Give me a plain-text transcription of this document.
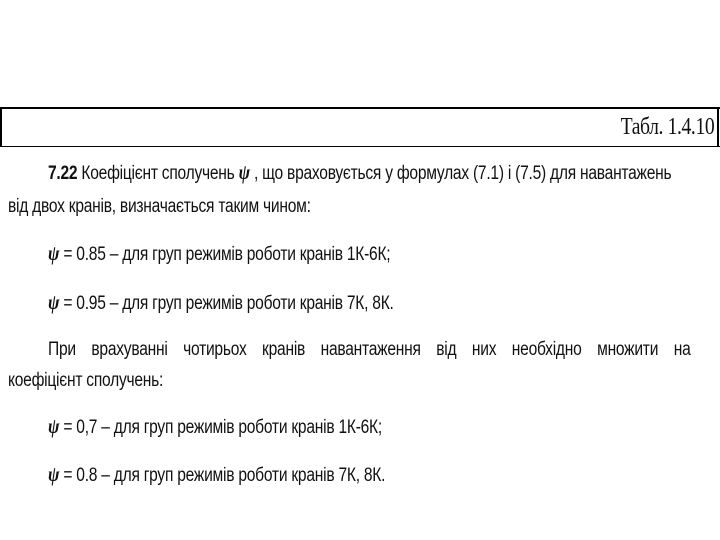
Табл. 1.4.10
7.22 Коефіцієнт сполучень ψ , що враховується у формулах (7.1) і (7.5) для навантажень
від двох кранів, визначається таким чином:
ψ = 0.85 – для груп режимів роботи кранів 1К-6К;
ψ = 0.95 – для груп режимів роботи кранів 7К, 8К.
При врахуванні чотирьох кранів навантаження від них необхідно множити на
коефіцієнт сполучень:
ψ = 0,7 – для груп режимів роботи кранів 1К-6К;
ψ = 0.8 – для груп режимів роботи кранів 7К, 8К.
